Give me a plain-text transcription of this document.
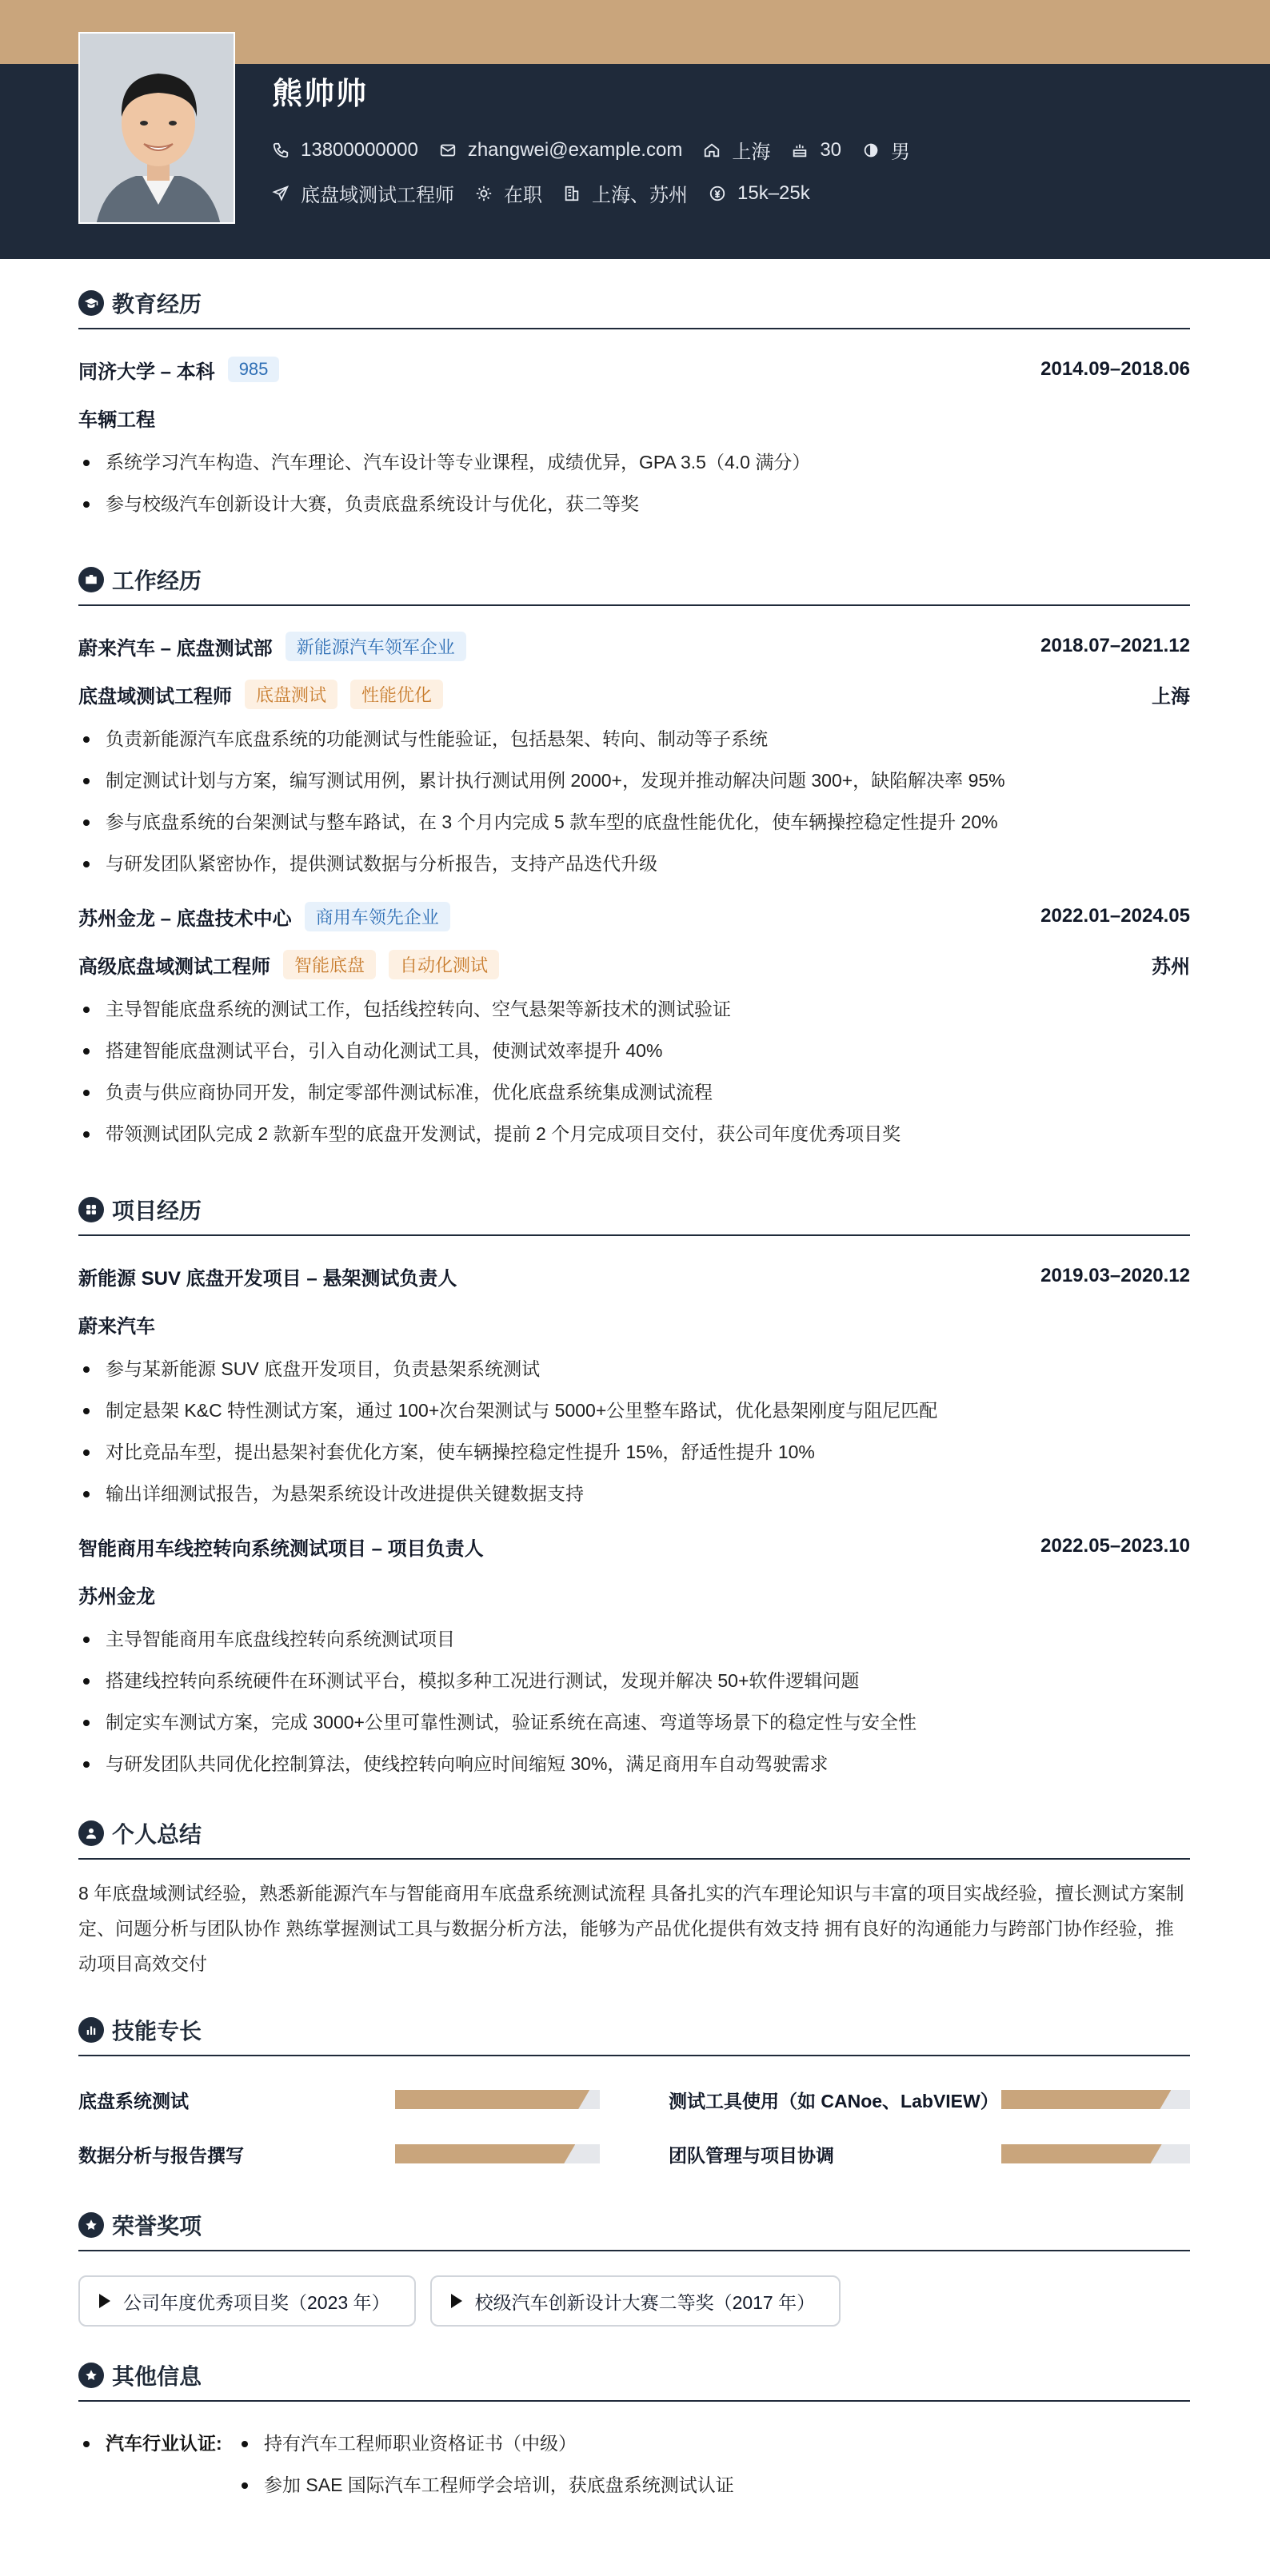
熊帅帅
13800000000	zhangwei@example.com	上海	30	男
底盘域测试工程师	在职	上海、苏州	15k–25k
教育经历
同济大学 – 本科	985	2014.09–2018.06
车辆工程
系统学习汽车构造、汽车理论、汽车设计等专业课程，成绩优异，GPA 3.5（4.0 满分）
参与校级汽车创新设计大赛，负责底盘系统设计与优化，获二等奖
工作经历
蔚来汽车 – 底盘测试部	新能源汽车领军企业	2018.07–2021.12
底盘域测试工程师	底盘测试	性能优化	上海
负责新能源汽车底盘系统的功能测试与性能验证，包括悬架、转向、制动等子系统
制定测试计划与方案，编写测试用例，累计执行测试用例 2000+，发现并推动解决问题 300+，缺陷解决率 95%
参与底盘系统的台架测试与整车路试，在 3 个月内完成 5 款车型的底盘性能优化，使车辆操控稳定性提升 20%
与研发团队紧密协作，提供测试数据与分析报告，支持产品迭代升级
苏州金龙 – 底盘技术中心	商用车领先企业	2022.01–2024.05
高级底盘域测试工程师	智能底盘	自动化测试	苏州
主导智能底盘系统的测试工作，包括线控转向、空气悬架等新技术的测试验证
搭建智能底盘测试平台，引入自动化测试工具，使测试效率提升 40%
负责与供应商协同开发，制定零部件测试标准，优化底盘系统集成测试流程
带领测试团队完成 2 款新车型的底盘开发测试，提前 2 个月完成项目交付，获公司年度优秀项目奖
项目经历
新能源 SUV 底盘开发项目 – 悬架测试负责人	2019.03–2020.12
蔚来汽车
参与某新能源 SUV 底盘开发项目，负责悬架系统测试
制定悬架 K&C 特性测试方案，通过 100+次台架测试与 5000+公里整车路试，优化悬架刚度与阻尼匹配
对比竞品车型，提出悬架衬套优化方案，使车辆操控稳定性提升 15%，舒适性提升 10%
输出详细测试报告，为悬架系统设计改进提供关键数据支持
智能商用车线控转向系统测试项目 – 项目负责人	2022.05–2023.10
苏州金龙
主导智能商用车底盘线控转向系统测试项目
搭建线控转向系统硬件在环测试平台，模拟多种工况进行测试，发现并解决 50+软件逻辑问题
制定实车测试方案，完成 3000+公里可靠性测试，验证系统在高速、弯道等场景下的稳定性与安全性
与研发团队共同优化控制算法，使线控转向响应时间缩短 30%，满足商用车自动驾驶需求
个人总结

8 年底盘域测试经验，熟悉新能源汽车与智能商用车底盘系统测试流程 具备扎实的汽车理论知识与丰富的项目实战经验，擅长测试方案制定、问题分析与团队协作 熟练掌握测试工具与数据分析方法，能够为产品优化提供有效支持 拥有良好的沟通能力与跨部门协作经验，推动项目高效交付

技能专长
底盘系统测试	测试工具使用（如 CANoe、LabVIEW）
数据分析与报告撰写	团队管理与项目协调
荣誉奖项
公司年度优秀项目奖（2023 年）	校级汽车创新设计大赛二等奖（2017 年）
其他信息
汽车行业认证:	持有汽车工程师职业资格证书（中级）
参加 SAE 国际汽车工程师学会培训，获底盘系统测试认证
